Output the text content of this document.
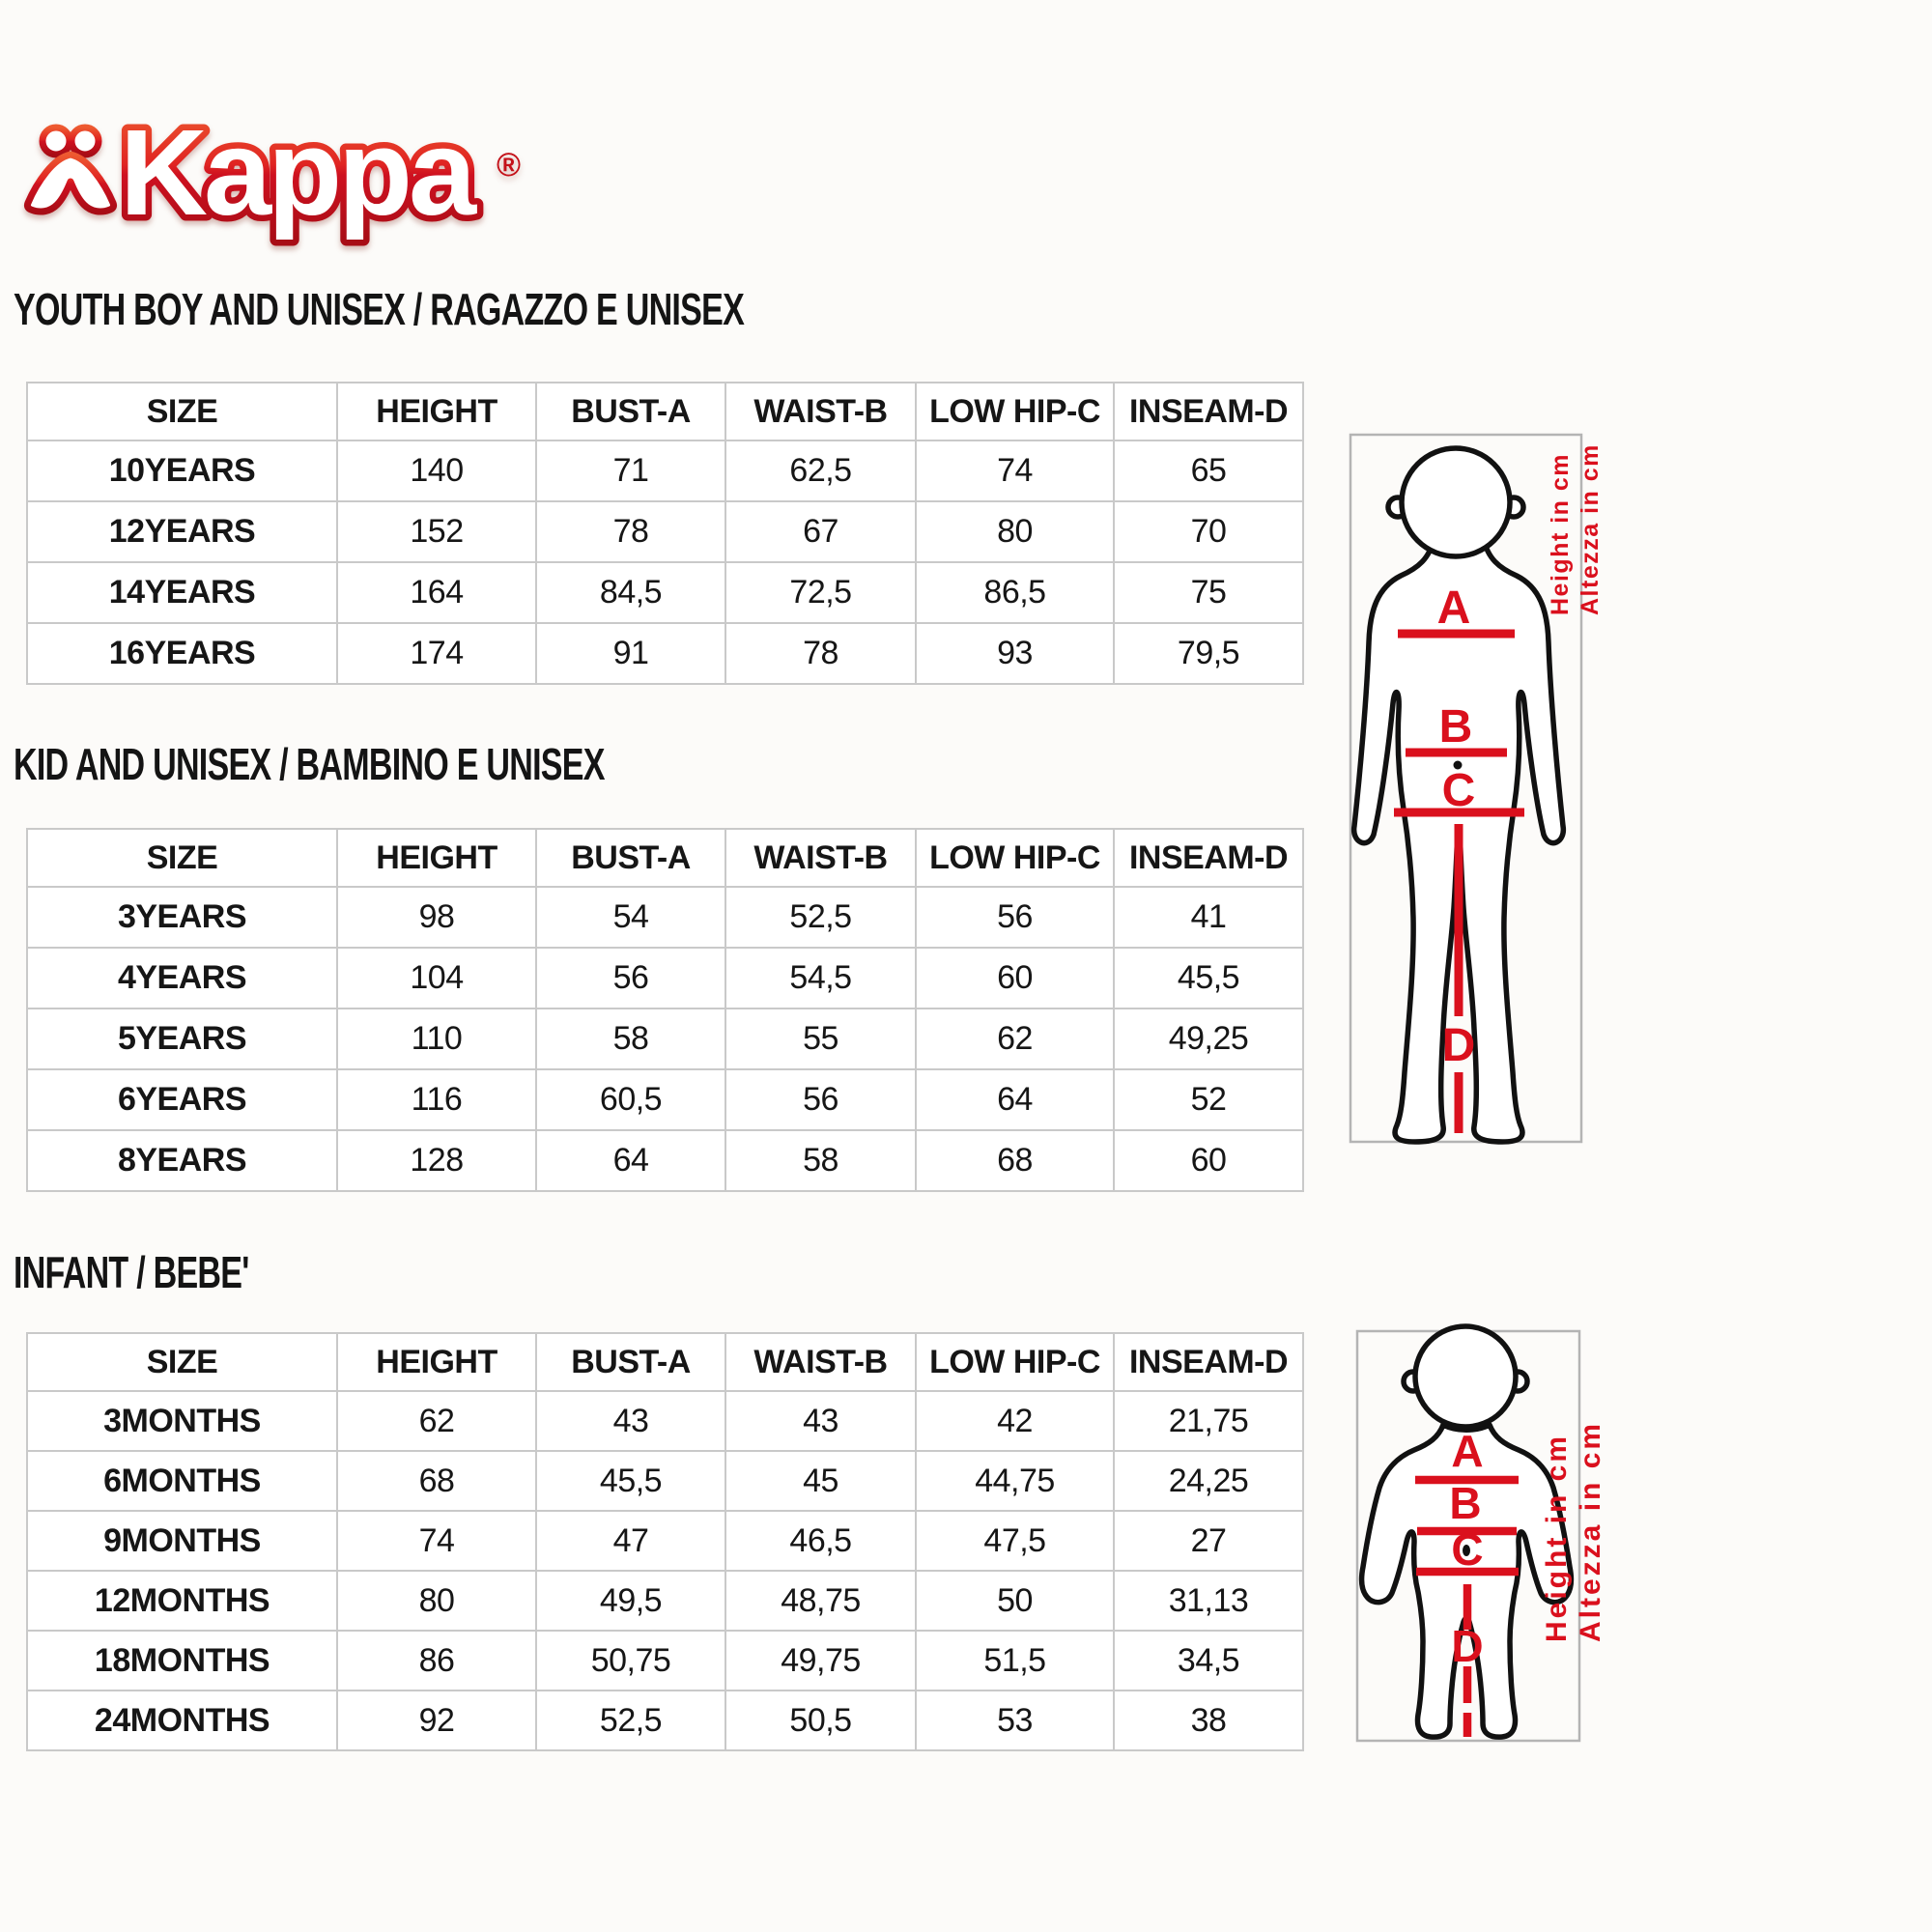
Kappa ®
YOUTH BOY AND UNISEX / RAGAZZO E UNISEX
SIZE	HEIGHT	BUST-A	WAIST-B	LOW HIP-C	INSEAM-D
10YEARS	140	71	62,5	74	65
12YEARS	152	78	67	80	70
14YEARS	164	84,5	72,5	86,5	75
16YEARS	174	91	78	93	79,5
KID AND UNISEX / BAMBINO E UNISEX
SIZE	HEIGHT	BUST-A	WAIST-B	LOW HIP-C	INSEAM-D
3YEARS	98	54	52,5	56	41
4YEARS	104	56	54,5	60	45,5
5YEARS	110	58	55	62	49,25
6YEARS	116	60,5	56	64	52
8YEARS	128	64	58	68	60
INFANT / BEBE'
SIZE	HEIGHT	BUST-A	WAIST-B	LOW HIP-C	INSEAM-D
3MONTHS	62	43	43	42	21,75
6MONTHS	68	45,5	45	44,75	24,25
9MONTHS	74	47	46,5	47,5	27
12MONTHS	80	49,5	48,75	50	31,13
18MONTHS	86	50,75	49,75	51,5	34,5
24MONTHS	92	52,5	50,5	53	38
A
B
C
D
Height in cm Altezza in cm
A
B
C
D
Height in cm Altezza in cm
